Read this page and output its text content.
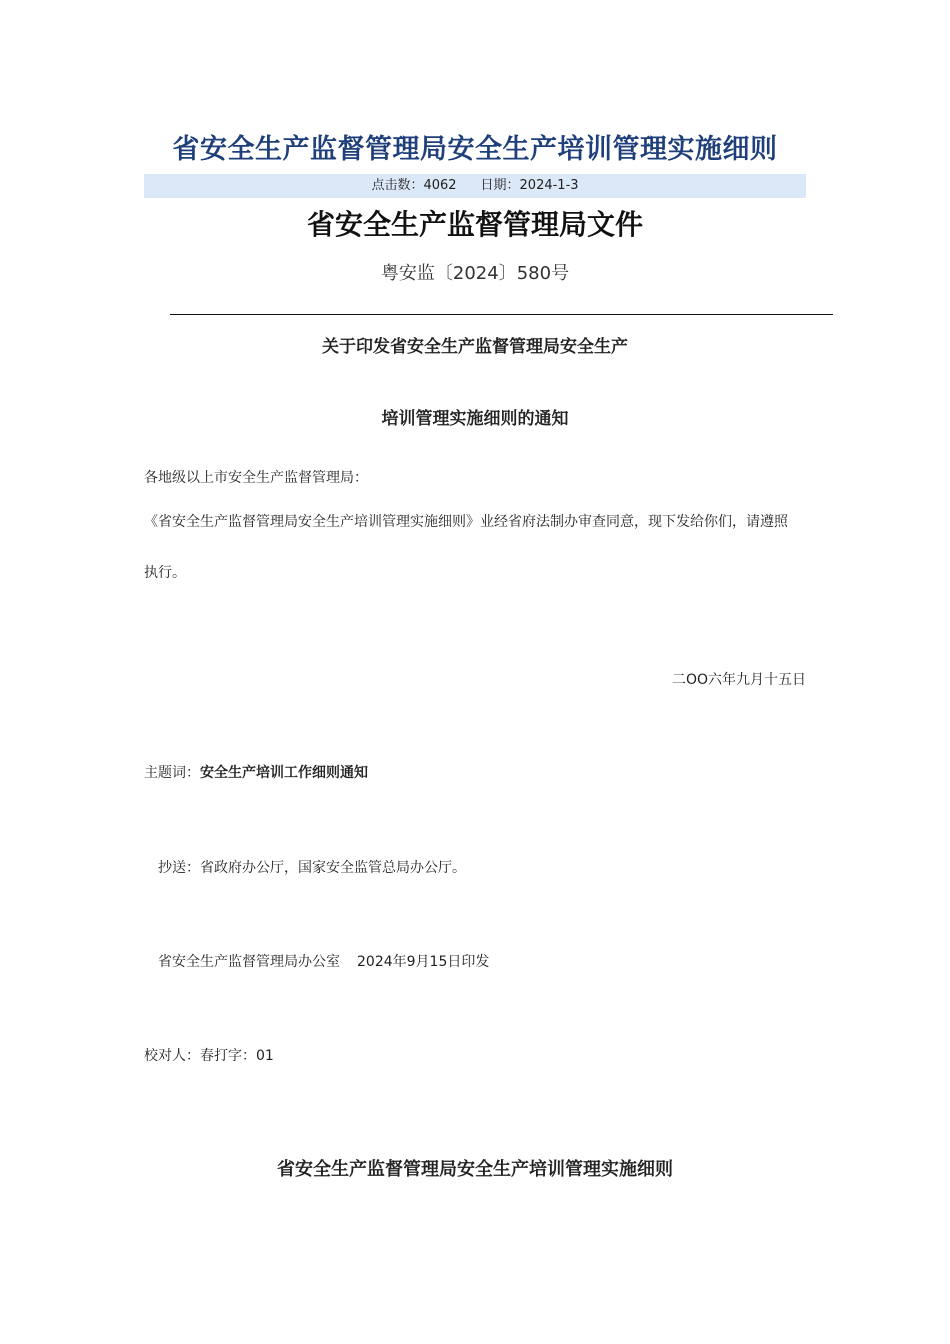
省安全生产监督管理局安全生产培训管理实施细则
点击数：4062 日期：2024-1-3
省安全生产监督管理局文件
粤安监〔2024〕580号
关于印发省安全生产监督管理局安全生产
培训管理实施细则的通知
各地级以上市安全生产监督管理局：
《省安全生产监督管理局安全生产培训管理实施细则》业经省府法制办审查同意，现下发给你们，请遵照
执行。
二OO六年九月十五日
主题词：安全生产培训工作细则通知
抄送：省政府办公厅，国家安全监管总局办公厅。
省安全生产监督管理局办公室 2024年9月15日印发
校对人：春打字：01
省安全生产监督管理局安全生产培训管理实施细则
